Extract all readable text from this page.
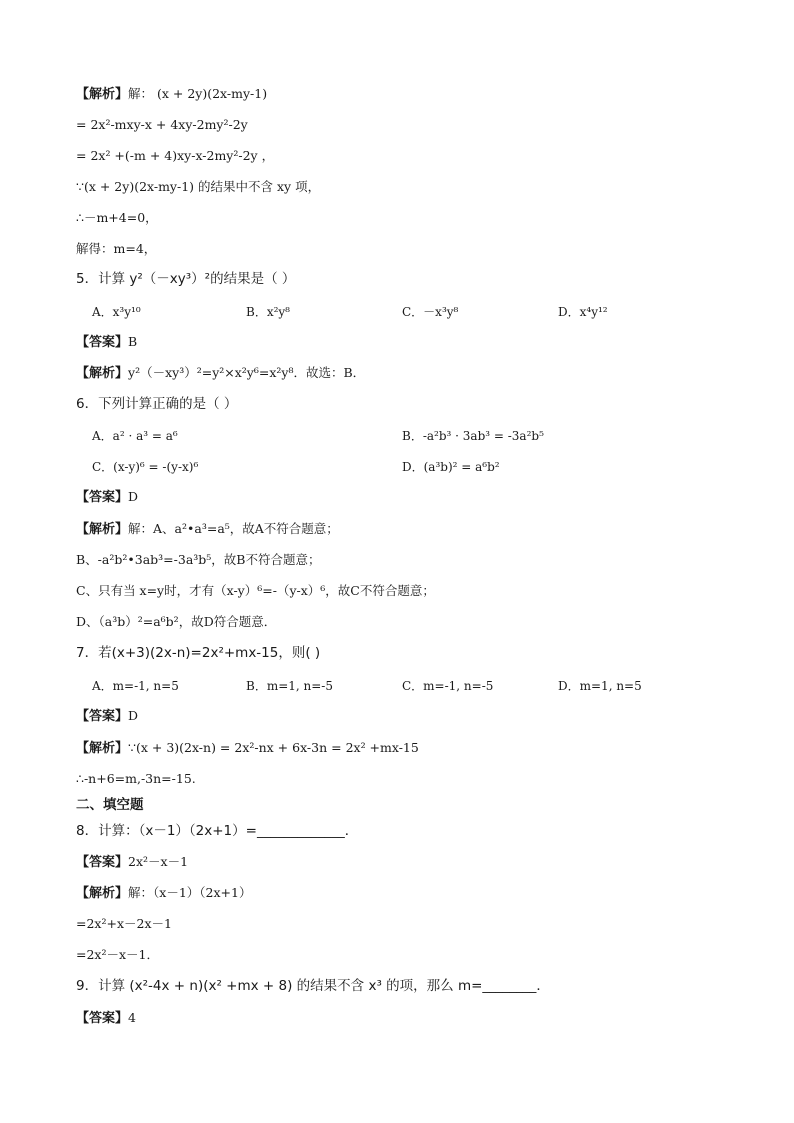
【解析】解： (x + 2y)(2x-my-1)
= 2x²-mxy-x + 4xy-2my²-2y
= 2x² +(-m + 4)xy-x-2my²-2y ，
∵(x + 2y)(2x-my-1) 的结果中不含 xy 项，
∴－m+4=0，
解得：m=4，
5．计算 y²（－xy³）²的结果是（ ）
A．x³y¹⁰	B．x²y⁸	C．－x³y⁸	D．x⁴y¹²
【答案】B
【解析】y²（－xy³）²=y²×x²y⁶=x²y⁸．故选：B．
6．下列计算正确的是（ ）
A．a² · a³ = a⁶	B．-a²b³ · 3ab³ = -3a²b⁵
C．(x-y)⁶ = -(y-x)⁶	D．(a³b)² = a⁶b²
【答案】D
【解析】解：A、a²•a³=a⁵，故A不符合题意；
B、-a²b²•3ab³=-3a³b⁵，故B不符合题意；
C、只有当 x=y时，才有（x-y）⁶=-（y-x）⁶，故C不符合题意；
D、（a³b）²=a⁶b²，故D符合题意．
7．若(x+3)(2x-n)=2x²+mx-15，则( )
A．m=-1, n=5	B．m=1, n=-5	C．m=-1, n=-5	D．m=1, n=5
【答案】D
【解析】∵(x + 3)(2x-n) = 2x²-nx + 6x-3n = 2x² +mx-15
∴-n+6=m,-3n=-15.
二、填空题
8．计算：（x－1）（2x+1）=_____________．
【答案】2x²－x－1
【解析】解：（x－1）（2x+1）
=2x²+x－2x－1
=2x²－x－1．
9．计算 (x²-4x + n)(x² +mx + 8) 的结果不含 x³ 的项，那么 m=________．
【答案】4
